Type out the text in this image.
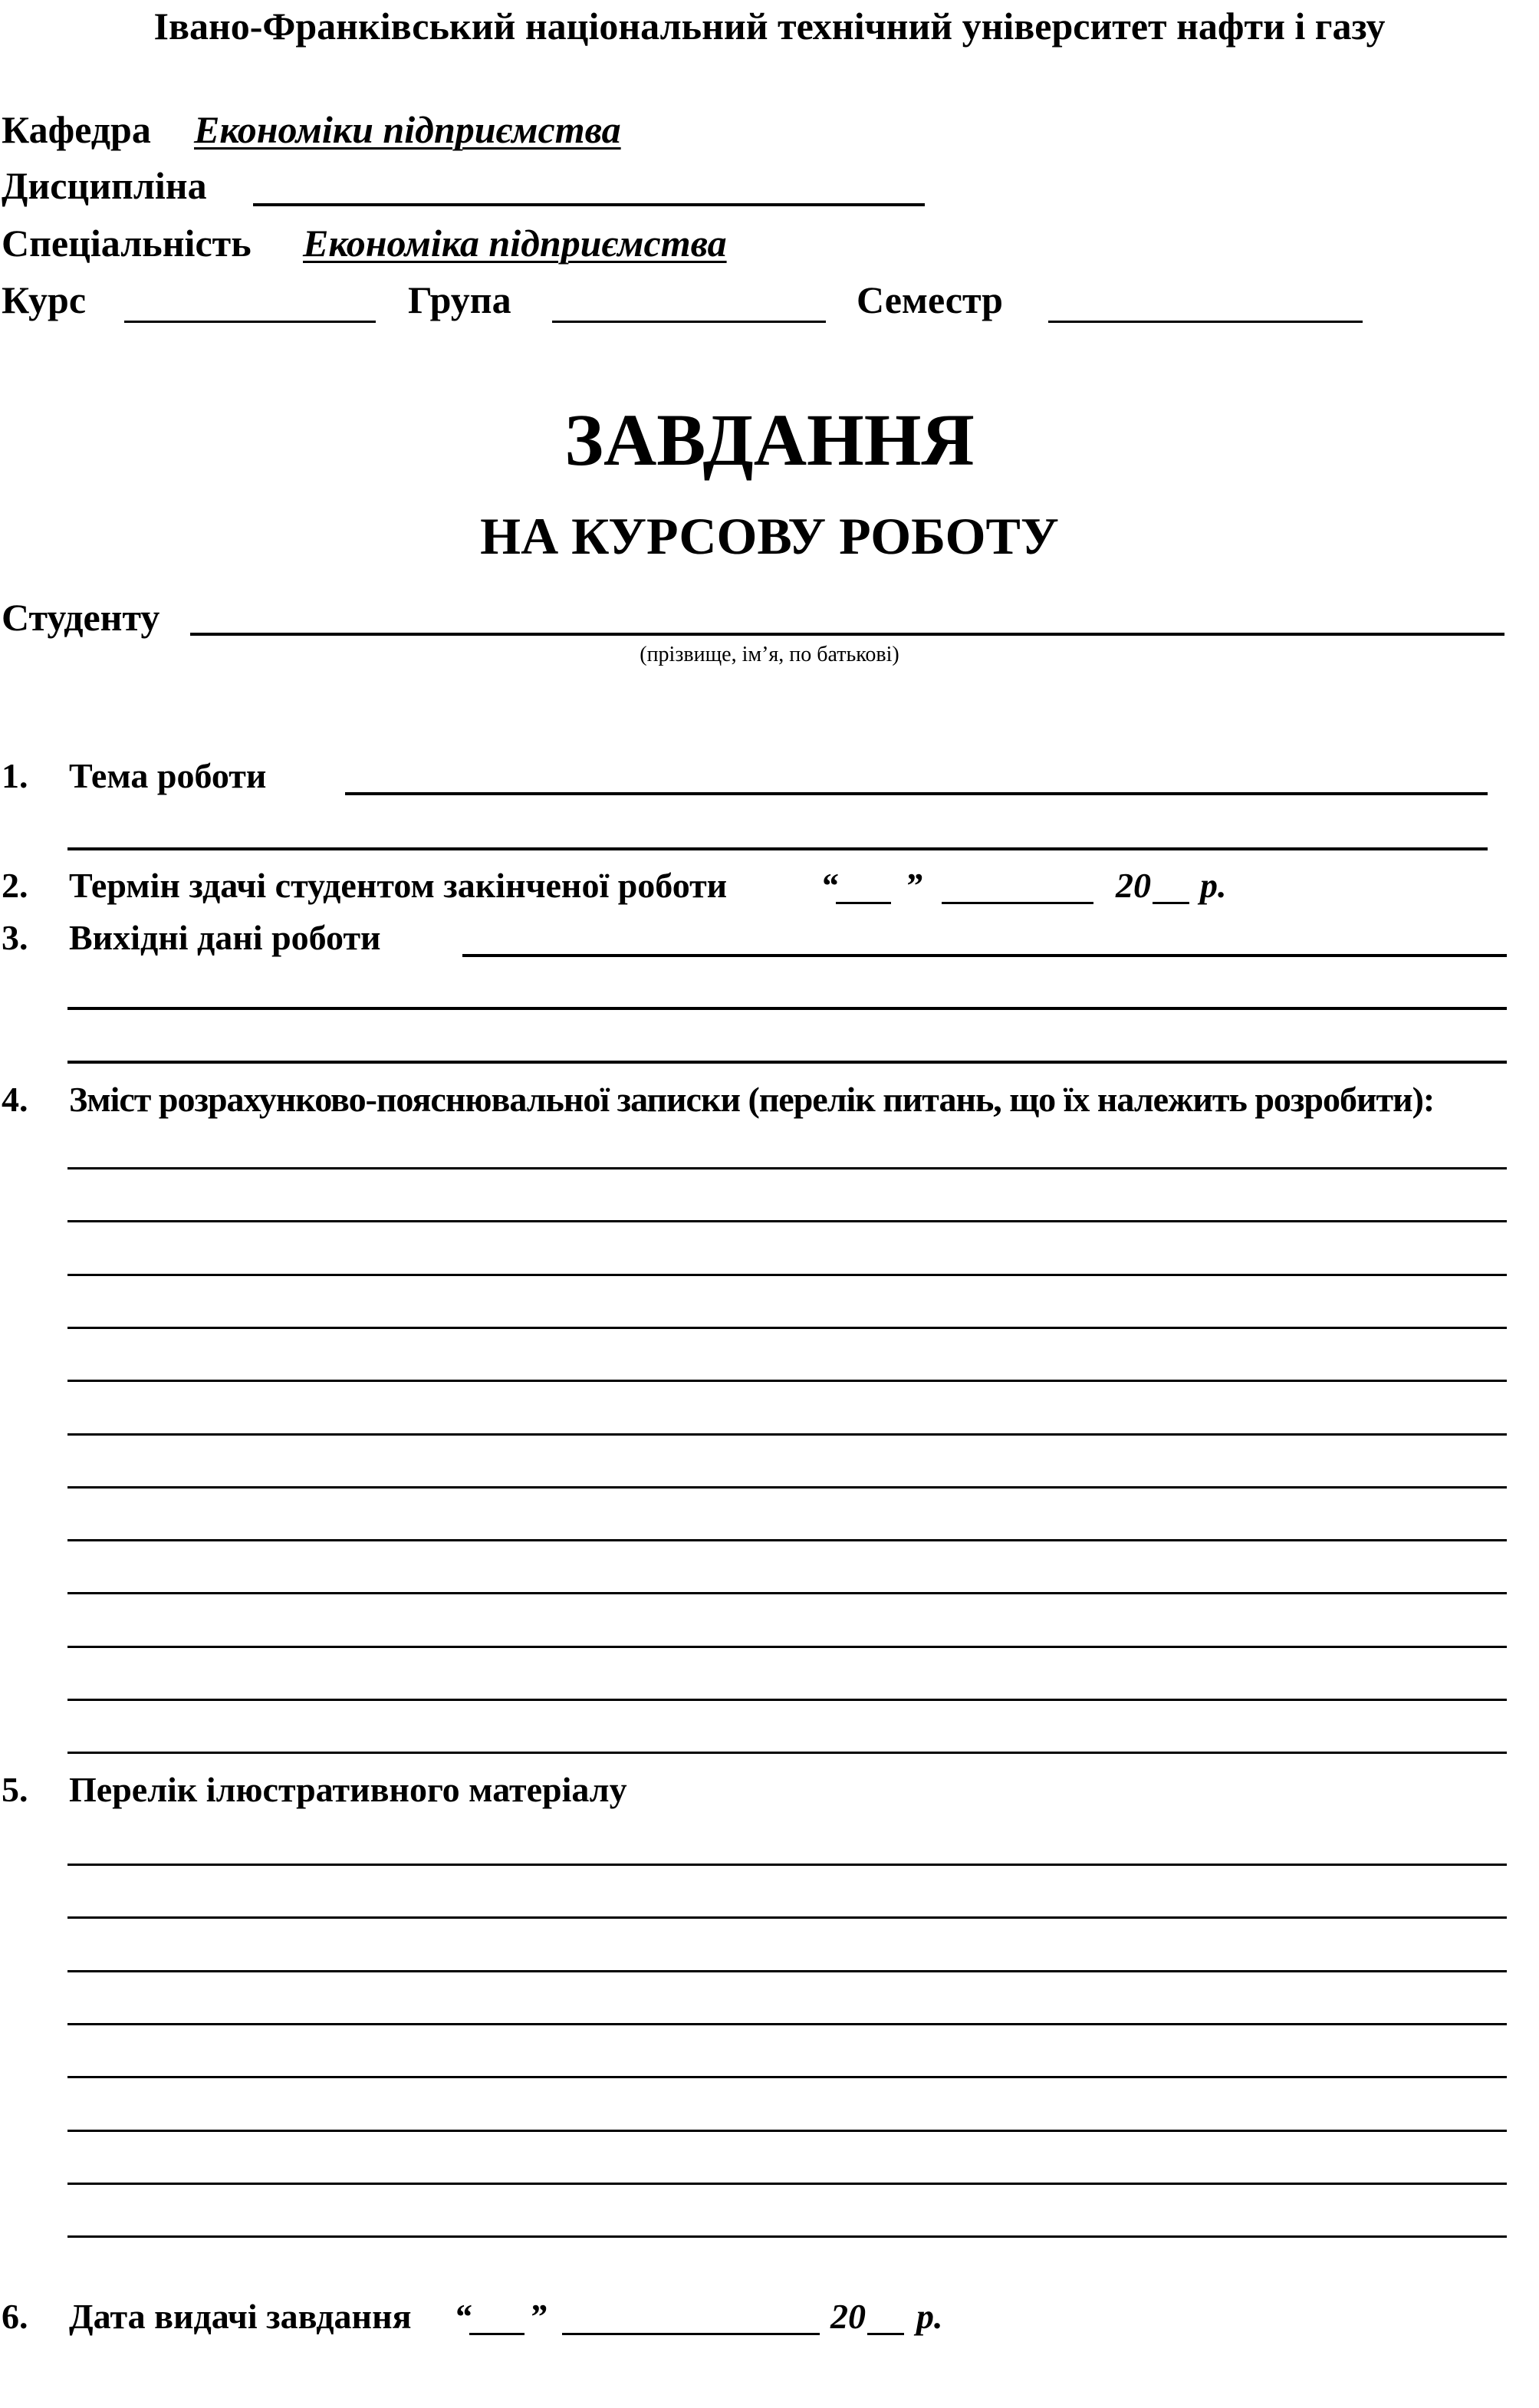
Івано-Франківський національний технічний університет нафти і газу
Кафедра Економіки підприємства
Дисципліна
Спеціальність Економіка підприємства
Курс	Група	Семестр
ЗАВДАННЯ
НА КУРСОВУ РОБОТУ
Студенту
(прізвище, ім’я, по батькові)
1. Тема роботи
2. Термін здачі студентом закінченої роботи	“ ”	20 р.
3. Вихідні дані роботи
4. Зміст розрахунково-пояснювальної записки (перелік питань, що їх належить розробити):
5. Перелік ілюстративного матеріалу
6. Дата видачі завдання “ ”	20 р.
